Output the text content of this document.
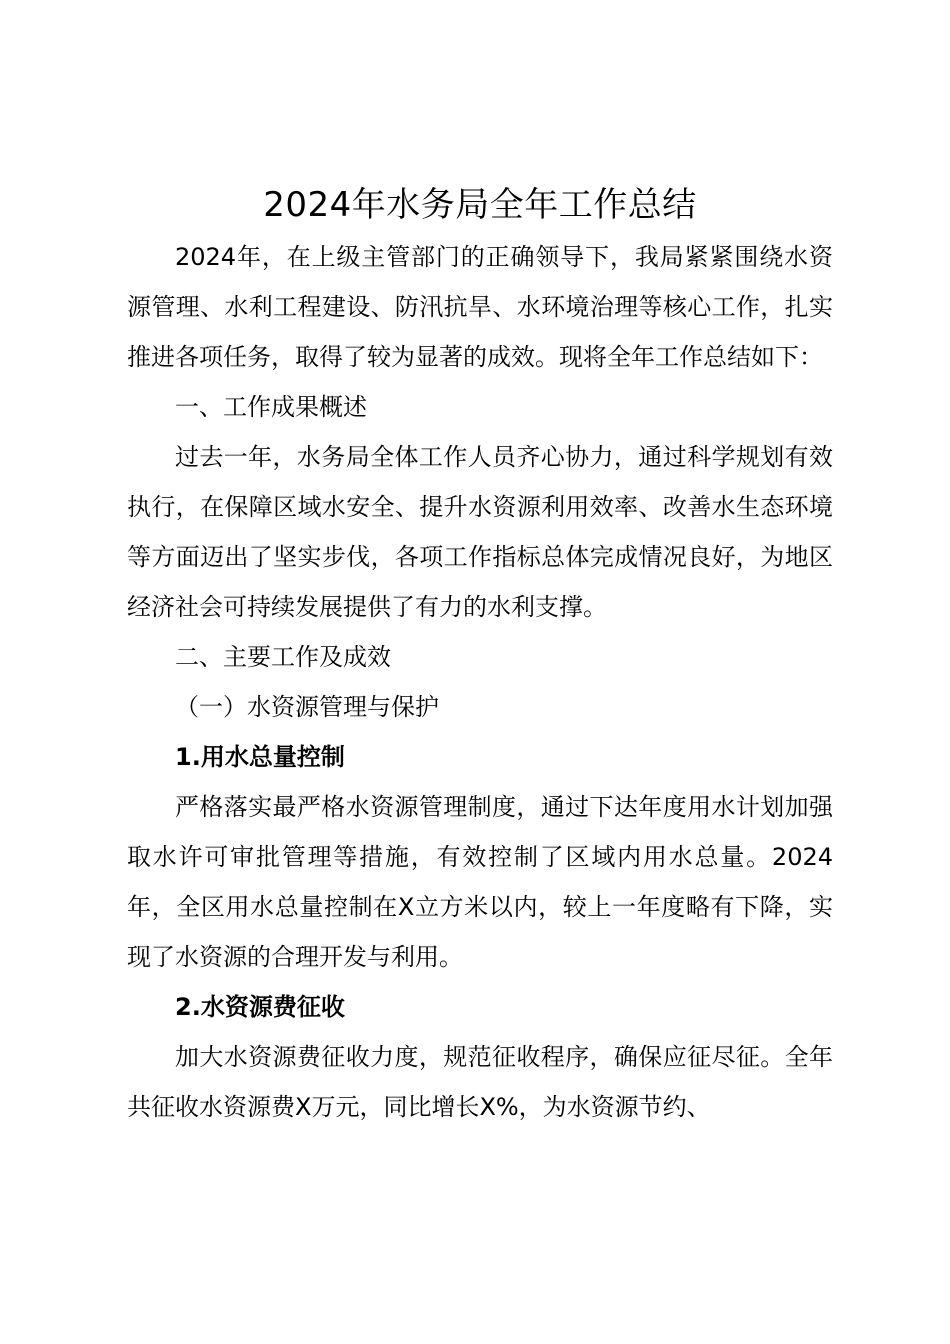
2024年水务局全年工作总结

2024年，在上级主管部门的正确领导下，我局紧紧围绕水资源管理、水利工程建设、防汛抗旱、水环境治理等核心工作，扎实推进各项任务，取得了较为显著的成效。现将全年工作总结如下：

一、工作成果概述

过去一年，水务局全体工作人员齐心协力，通过科学规划有效执行，在保障区域水安全、提升水资源利用效率、改善水生态环境等方面迈出了坚实步伐，各项工作指标总体完成情况良好，为地区经济社会可持续发展提供了有力的水利支撑。

二、主要工作及成效

（一）水资源管理与保护

1.用水总量控制

严格落实最严格水资源管理制度，通过下达年度用水计划加强取水许可审批管理等措施，有效控制了区域内用水总量。2024年，全区用水总量控制在X立方米以内，较上一年度略有下降，实现了水资源的合理开发与利用。

2.水资源费征收

加大水资源费征收力度，规范征收程序，确保应征尽征。全年共征收水资源费X万元，同比增长X%，为水资源节约、
